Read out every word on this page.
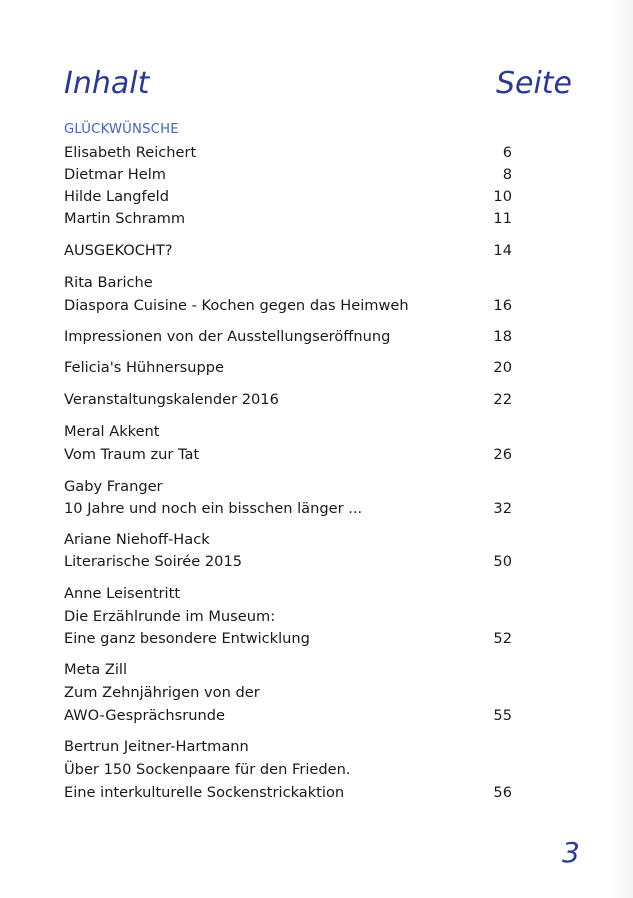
Inhalt	Seite
GLÜCKWÜNSCHE
Elisabeth Reichert	6
Dietmar Helm	8
Hilde Langfeld	10
Martin Schramm	11
AUSGEKOCHT?	14
Rita Bariche
Diaspora Cuisine - Kochen gegen das Heimweh	16
Impressionen von der Ausstellungseröffnung	18
Felicia's Hühnersuppe	20
Veranstaltungskalender 2016	22
Meral Akkent
Vom Traum zur Tat	26
Gaby Franger
10 Jahre und noch ein bisschen länger ...	32
Ariane Niehoff-Hack
Literarische Soirée 2015	50
Anne Leisentritt
Die Erzählrunde im Museum:
Eine ganz besondere Entwicklung	52
Meta Zill
Zum Zehnjährigen von der
AWO-Gesprächsrunde	55
Bertrun Jeitner-Hartmann
Über 150 Sockenpaare für den Frieden.
Eine interkulturelle Sockenstrickaktion	56
3
